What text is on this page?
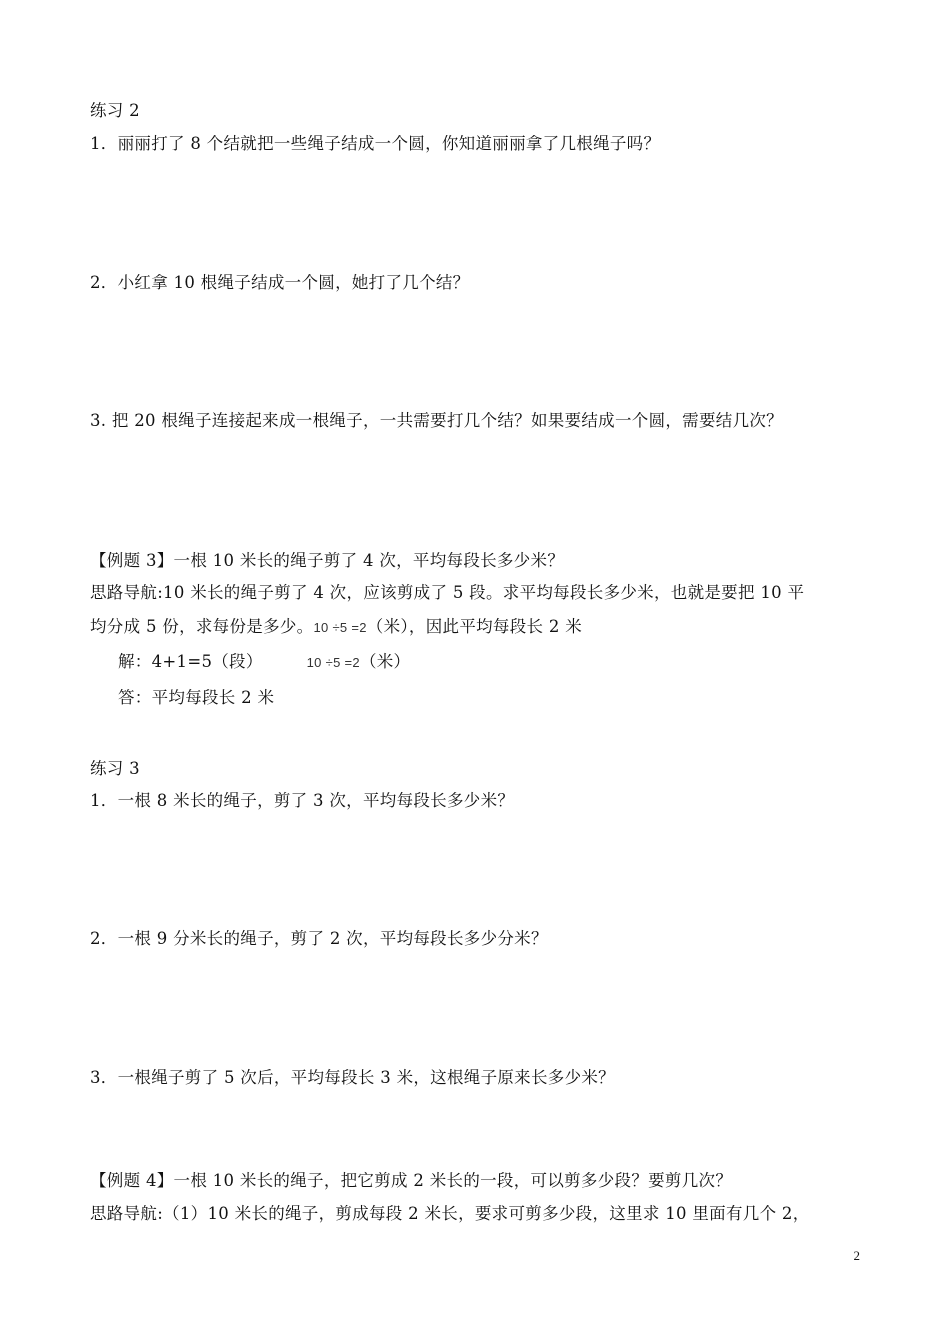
练习 2
1．丽丽打了 8 个结就把一些绳子结成一个圆，你知道丽丽拿了几根绳子吗？
2．小红拿 10 根绳子结成一个圆，她打了几个结？
3. 把 20 根绳子连接起来成一根绳子，一共需要打几个结？如果要结成一个圆，需要结几次？
【例题 3】一根 10 米长的绳子剪了 4 次，平均每段长多少米？
思路导航:10 米长的绳子剪了 4 次，应该剪成了 5 段。求平均每段长多少米，也就是要把 10 平
均分成 5 份，求每份是多少。10 ÷5 =2（米），因此平均每段长 2 米
解：4+1=5（段）	10 ÷5 =2（米）
答：平均每段长 2 米
练习 3
1．一根 8 米长的绳子，剪了 3 次，平均每段长多少米？
2．一根 9 分米长的绳子，剪了 2 次，平均每段长多少分米？
3．一根绳子剪了 5 次后，平均每段长 3 米，这根绳子原来长多少米？
【例题 4】一根 10 米长的绳子，把它剪成 2 米长的一段，可以剪多少段？要剪几次？
思路导航:（1）10 米长的绳子，剪成每段 2 米长，要求可剪多少段，这里求 10 里面有几个 2，
2
